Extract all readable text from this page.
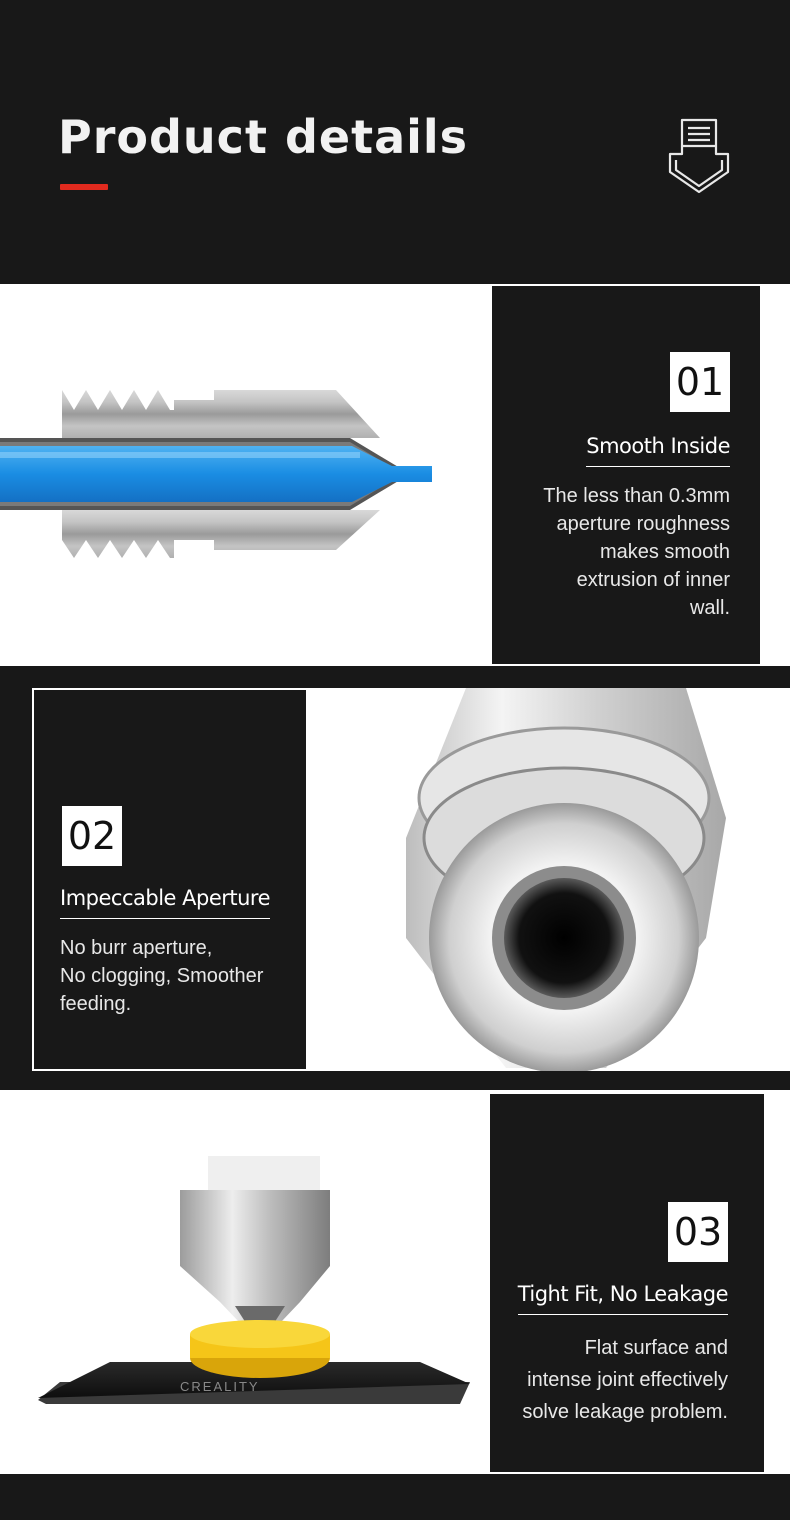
Product details
01
Smooth Inside
The less than 0.3mm
aperture roughness
makes smooth
extrusion of inner
wall.
02
Impeccable Aperture
No burr aperture,
No clogging, Smoother
feeding.
CREALITY
03
Tight Fit, No Leakage
Flat surface and
intense joint effectively
solve leakage problem.
